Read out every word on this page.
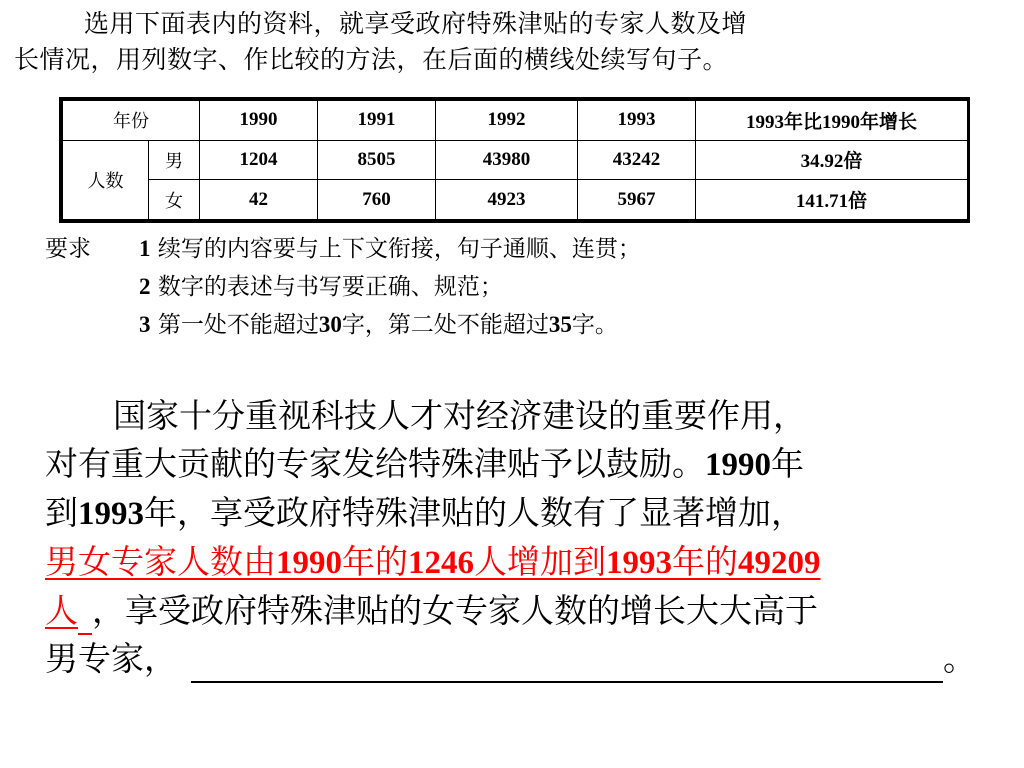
选用下面表内的资料，就享受政府特殊津贴的专家人数及增
长情况，用列数字、作比较的方法，在后面的横线处续写句子。
年份		1990	1991	1992	1993	1993年比1990年增长
人数	男	1204	8505	43980	43242	34.92倍
	女	42	760	4923	5967	141.71倍
要求 1 续写的内容要与上下文衔接，句子通顺、连贯；
2 数字的表述与书写要正确、规范；
3 第一处不能超过30字，第二处不能超过35字。
国家十分重视科技人才对经济建设的重要作用，
对有重大贡献的专家发给特殊津贴予以鼓励。1990年
到1993年，享受政府特殊津贴的人数有了显著增加，
男女专家人数由1990年的1246人增加到1993年的49209
人 ，享受政府特殊津贴的女专家人数的增长大大高于
男专家，	。
